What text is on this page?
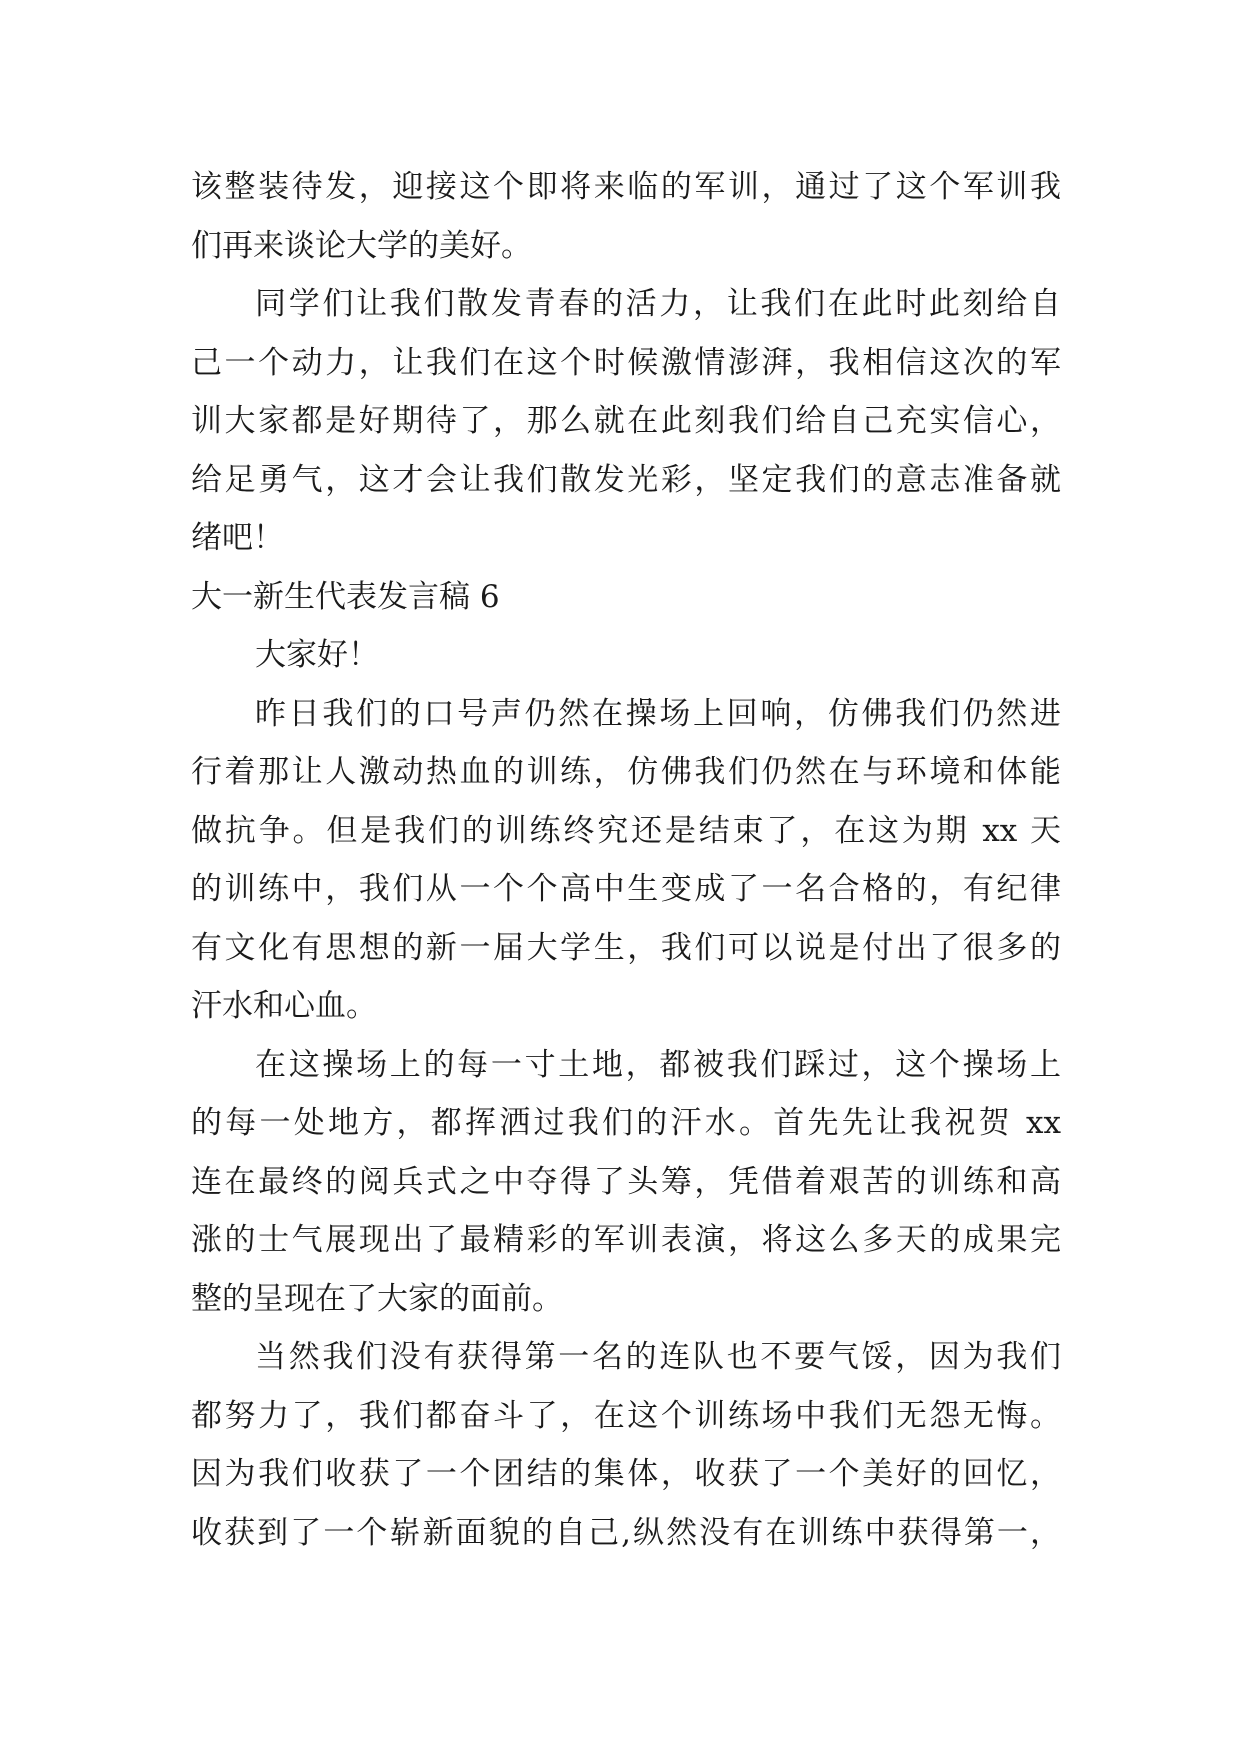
该整装待发，迎接这个即将来临的军训，通过了这个军训我
们再来谈论大学的美好。
同学们让我们散发青春的活力，让我们在此时此刻给自
己一个动力，让我们在这个时候激情澎湃，我相信这次的军
训大家都是好期待了，那么就在此刻我们给自己充实信心，
给足勇气，这才会让我们散发光彩，坚定我们的意志准备就
绪吧！
大一新生代表发言稿 6
大家好！
昨日我们的口号声仍然在操场上回响，仿佛我们仍然进
行着那让人激动热血的训练，仿佛我们仍然在与环境和体能
做抗争。但是我们的训练终究还是结束了，在这为期 xx 天
的训练中，我们从一个个高中生变成了一名合格的，有纪律
有文化有思想的新一届大学生，我们可以说是付出了很多的
汗水和心血。
在这操场上的每一寸土地，都被我们踩过，这个操场上
的每一处地方，都挥洒过我们的汗水。首先先让我祝贺 xx
连在最终的阅兵式之中夺得了头筹，凭借着艰苦的训练和高
涨的士气展现出了最精彩的军训表演，将这么多天的成果完
整的呈现在了大家的面前。
当然我们没有获得第一名的连队也不要气馁，因为我们
都努力了，我们都奋斗了，在这个训练场中我们无怨无悔。
因为我们收获了一个团结的集体，收获了一个美好的回忆，
收获到了一个崭新面貌的自己,纵然没有在训练中获得第一，
